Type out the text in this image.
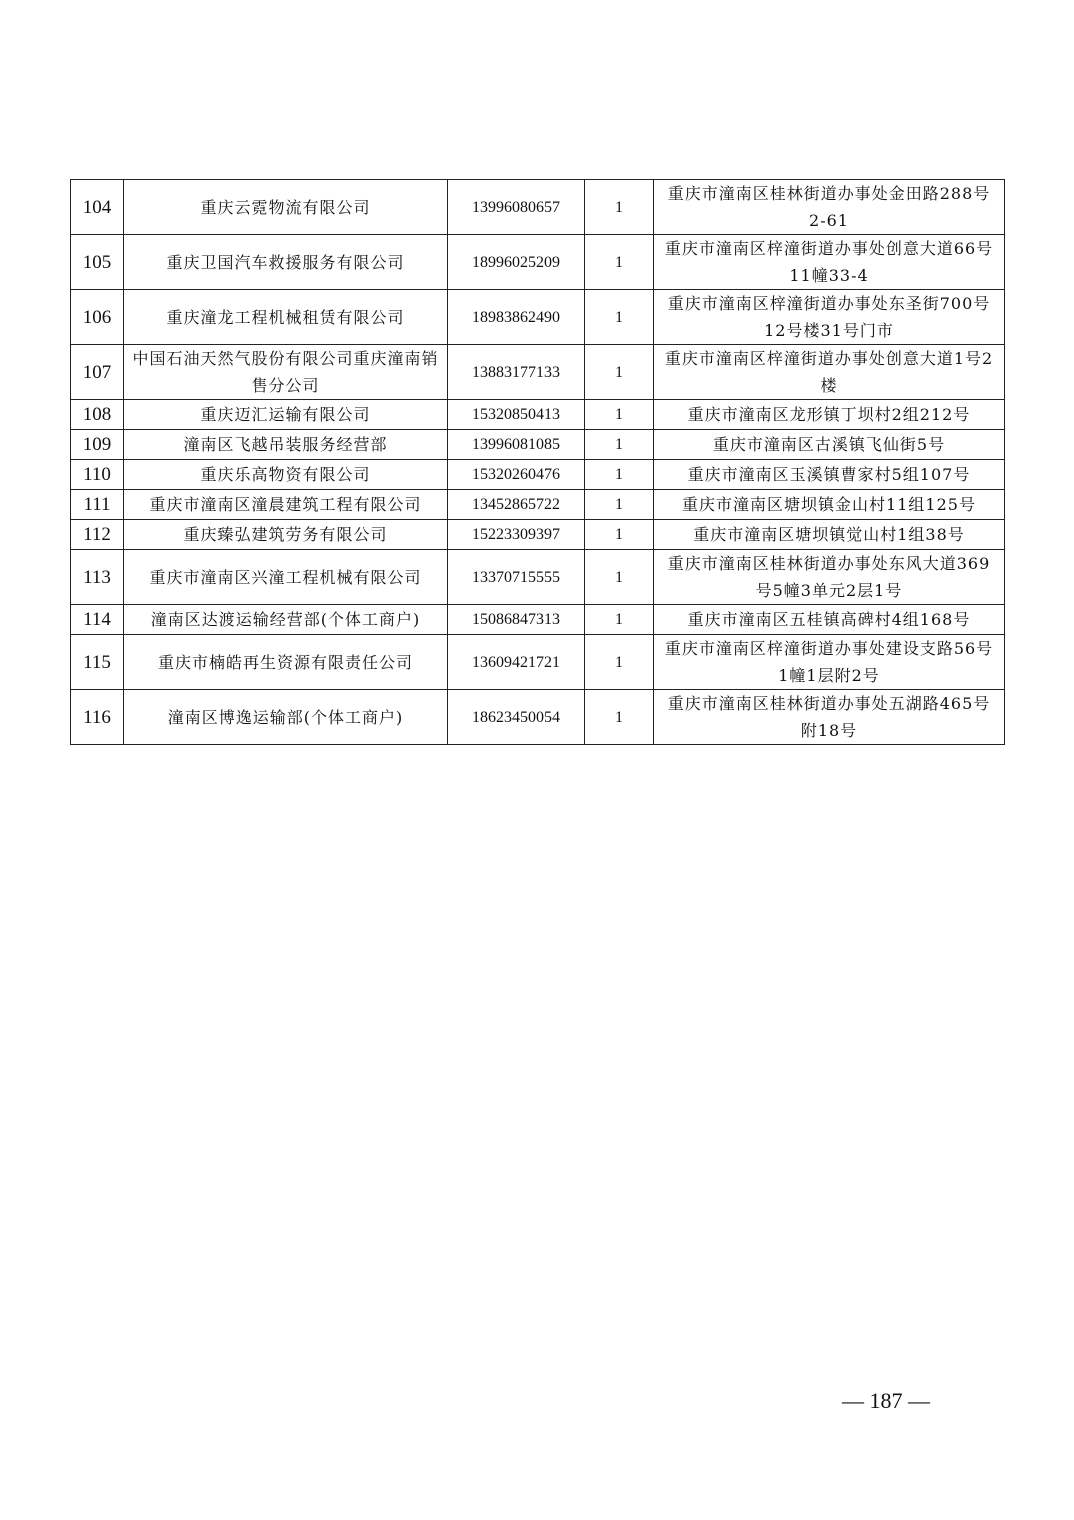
104	重庆云霓物流有限公司	13996080657	1	重庆市潼南区桂林街道办事处金田路288号2-61
105	重庆卫国汽车救援服务有限公司	18996025209	1	重庆市潼南区梓潼街道办事处创意大道66号11幢33-4
106	重庆潼龙工程机械租赁有限公司	18983862490	1	重庆市潼南区梓潼街道办事处东圣街700号12号楼31号门市
107	中国石油天然气股份有限公司重庆潼南销售分公司	13883177133	1	重庆市潼南区梓潼街道办事处创意大道1号2楼
108	重庆迈汇运输有限公司	15320850413	1	重庆市潼南区龙形镇丁坝村2组212号
109	潼南区飞越吊装服务经营部	13996081085	1	重庆市潼南区古溪镇飞仙街5号
110	重庆乐高物资有限公司	15320260476	1	重庆市潼南区玉溪镇曹家村5组107号
111	重庆市潼南区潼晨建筑工程有限公司	13452865722	1	重庆市潼南区塘坝镇金山村11组125号
112	重庆臻弘建筑劳务有限公司	15223309397	1	重庆市潼南区塘坝镇觉山村1组38号
113	重庆市潼南区兴潼工程机械有限公司	13370715555	1	重庆市潼南区桂林街道办事处东风大道369号5幢3单元2层1号
114	潼南区达渡运输经营部(个体工商户)	15086847313	1	重庆市潼南区五桂镇高碑村4组168号
115	重庆市楠皓再生资源有限责任公司	13609421721	1	重庆市潼南区梓潼街道办事处建设支路56号1幢1层附2号
116	潼南区博逸运输部(个体工商户)	18623450054	1	重庆市潼南区桂林街道办事处五湖路465号附18号
— 187 —
